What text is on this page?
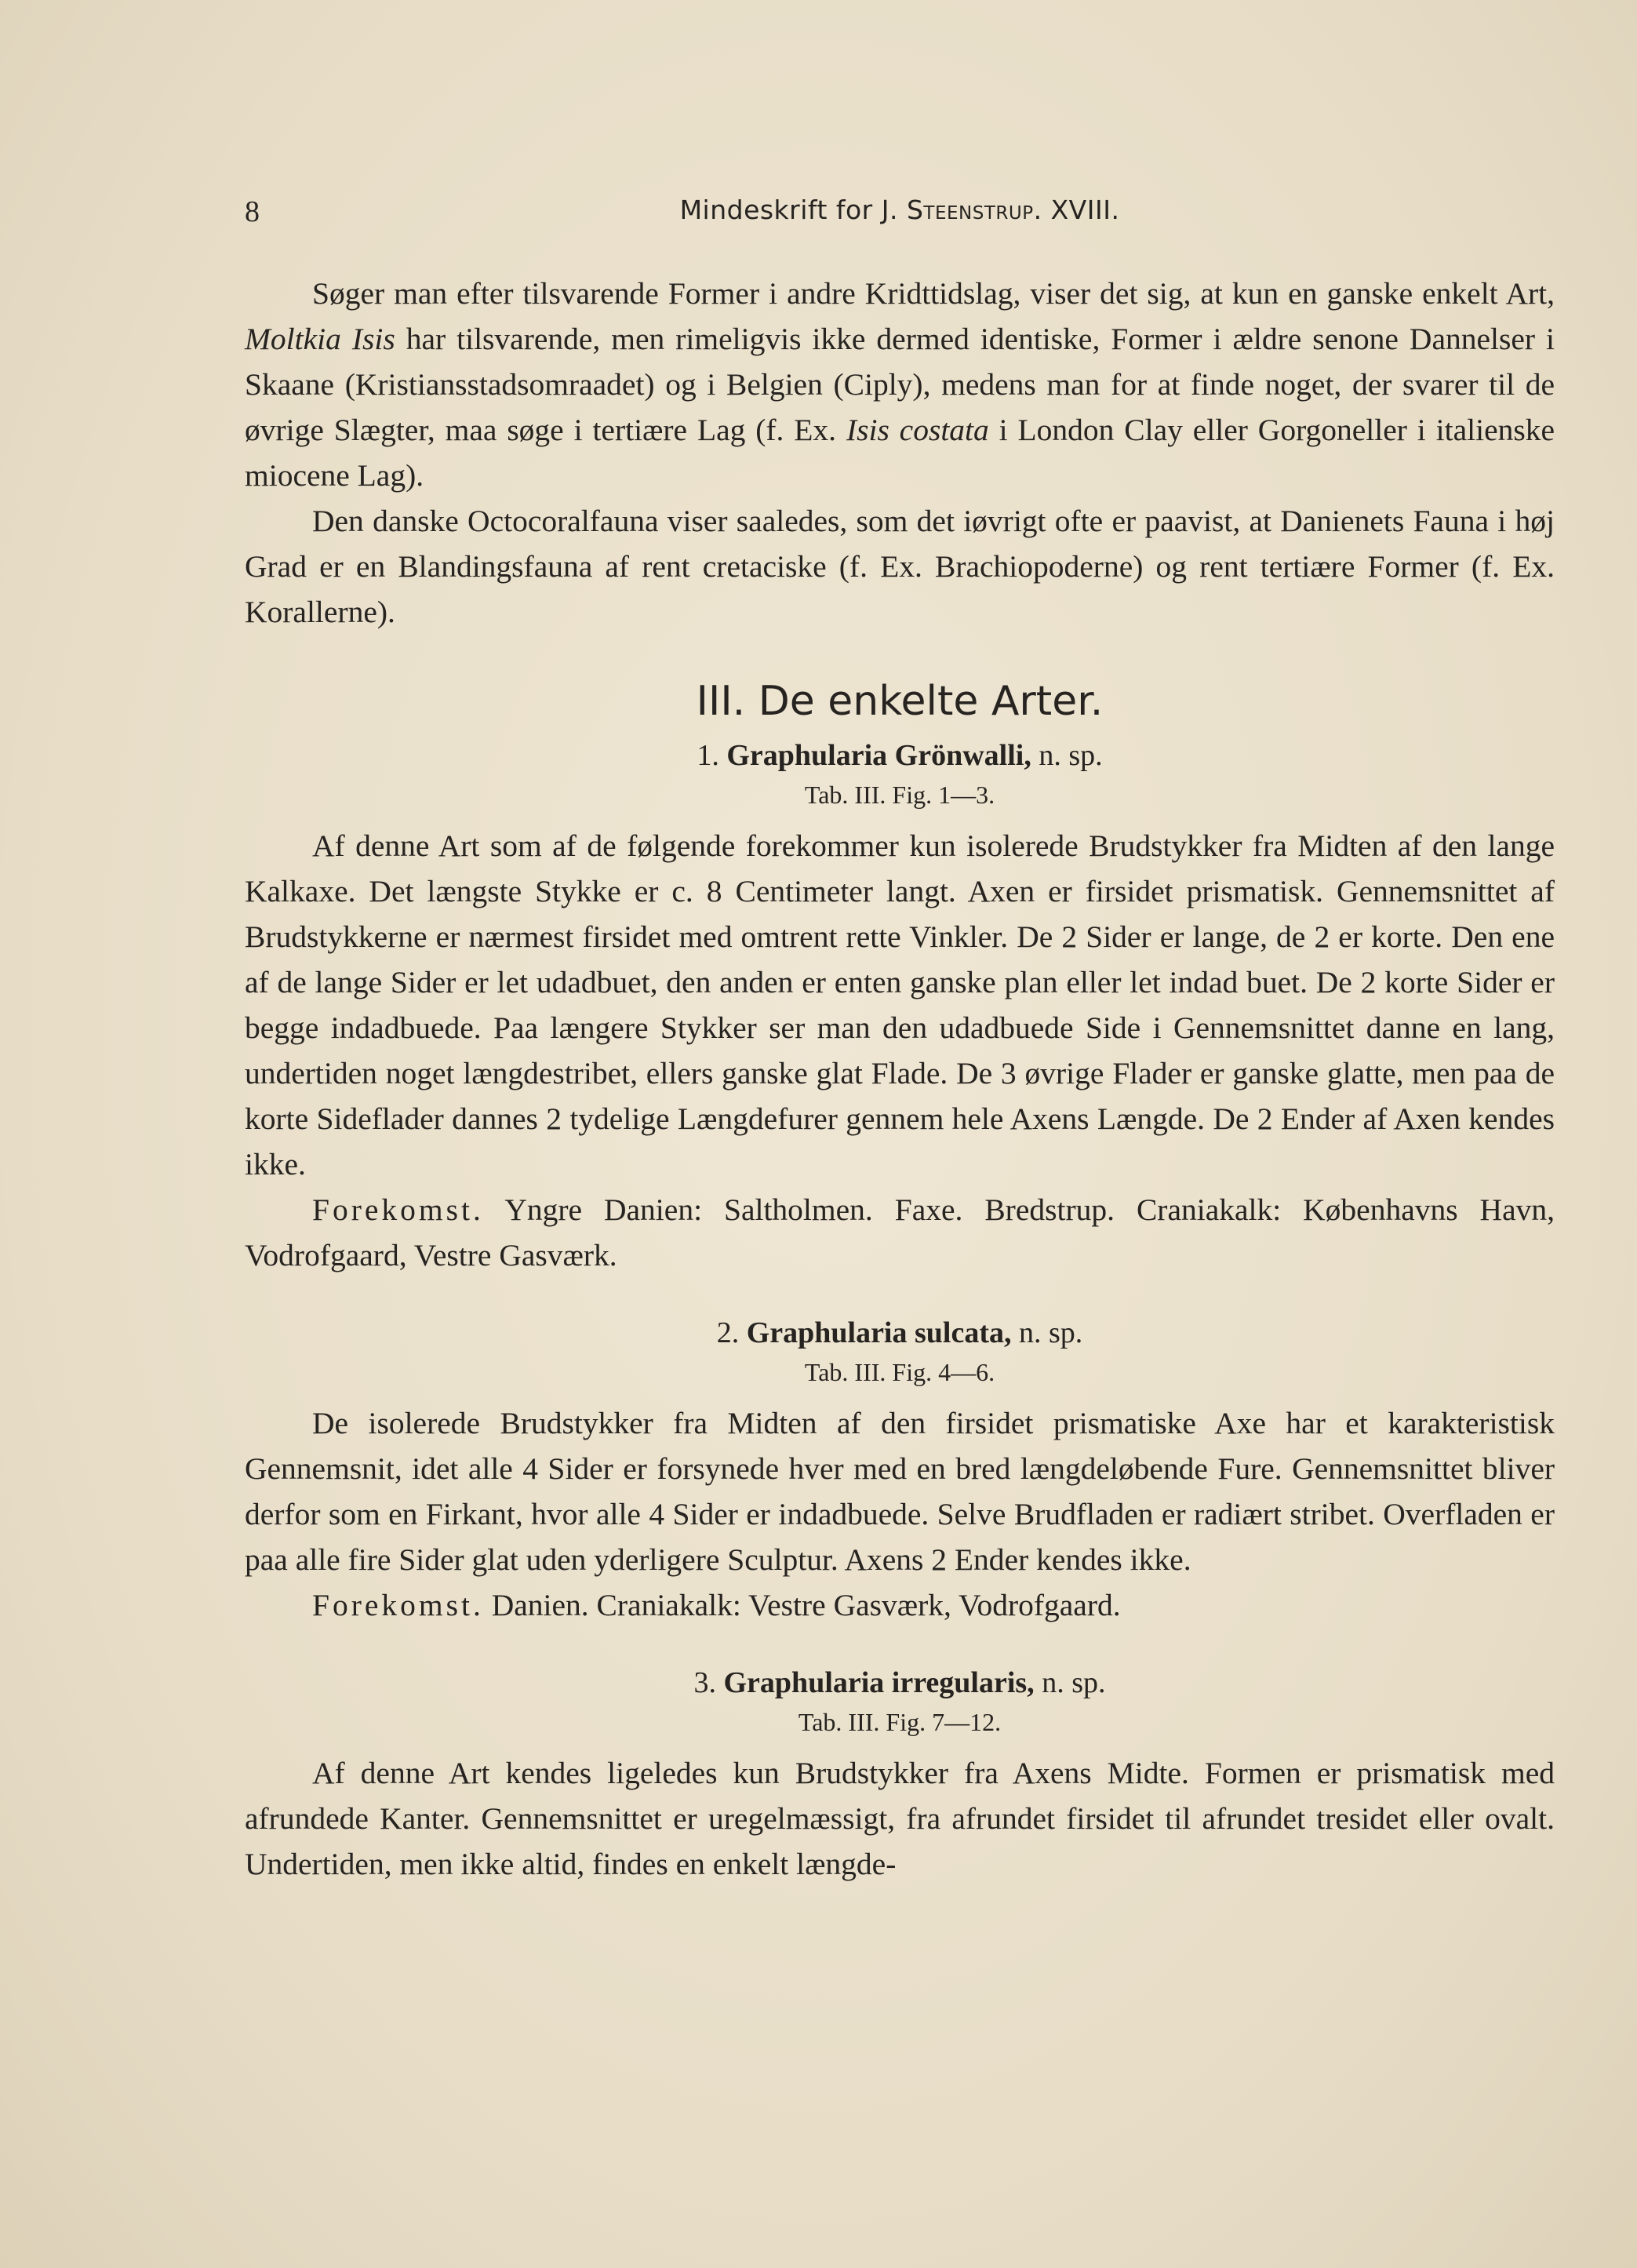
8	Mindeskrift for J. Steenstrup. XVIII.

Søger man efter tilsvarende Former i andre Kridttidslag, viser det sig, at kun en ganske enkelt Art, Moltkia Isis har tilsvarende, men rimeligvis ikke dermed identiske, Former i ældre senone Dannelser i Skaane (Kristiansstadsomraadet) og i Belgien (Ciply), medens man for at finde noget, der svarer til de øvrige Slægter, maa søge i tertiære Lag (f. Ex. Isis costata i London Clay eller Gorgoneller i italienske miocene Lag).

Den danske Octocoralfauna viser saaledes, som det iøvrigt ofte er paavist, at Danienets Fauna i høj Grad er en Blandingsfauna af rent cretaciske (f. Ex. Brachiopoderne) og rent tertiære Former (f. Ex. Korallerne).

III. De enkelte Arter.
1. Graphularia Grönwalli, n. sp.
Tab. III. Fig. 1—3.

Af denne Art som af de følgende forekommer kun isolerede Brudstykker fra Midten af den lange Kalkaxe. Det længste Stykke er c. 8 Centimeter langt. Axen er firsidet prismatisk. Gennemsnittet af Brudstykkerne er nærmest firsidet med omtrent rette Vinkler. De 2 Sider er lange, de 2 er korte. Den ene af de lange Sider er let udadbuet, den anden er enten ganske plan eller let indad buet. De 2 korte Sider er begge indadbuede. Paa længere Stykker ser man den udadbuede Side i Gennemsnittet danne en lang, undertiden noget længdestribet, ellers ganske glat Flade. De 3 øvrige Flader er ganske glatte, men paa de korte Sideflader dannes 2 tydelige Længdefurer gennem hele Axens Længde. De 2 Ender af Axen kendes ikke.

Forekomst. Yngre Danien: Saltholmen. Faxe. Bredstrup. Craniakalk: Københavns Havn, Vodrofgaard, Vestre Gasværk.

2. Graphularia sulcata, n. sp.
Tab. III. Fig. 4—6.

De isolerede Brudstykker fra Midten af den firsidet prismatiske Axe har et karakteristisk Gennemsnit, idet alle 4 Sider er forsynede hver med en bred længdeløbende Fure. Gennemsnittet bliver derfor som en Firkant, hvor alle 4 Sider er indadbuede. Selve Brudfladen er radiært stribet. Overfladen er paa alle fire Sider glat uden yderligere Sculptur. Axens 2 Ender kendes ikke.

Forekomst. Danien. Craniakalk: Vestre Gasværk, Vodrofgaard.

3. Graphularia irregularis, n. sp.
Tab. III. Fig. 7—12.

Af denne Art kendes ligeledes kun Brudstykker fra Axens Midte. Formen er prismatisk med afrundede Kanter. Gennemsnittet er uregelmæssigt, fra afrundet firsidet til afrundet tresidet eller ovalt. Undertiden, men ikke altid, findes en enkelt længde-
